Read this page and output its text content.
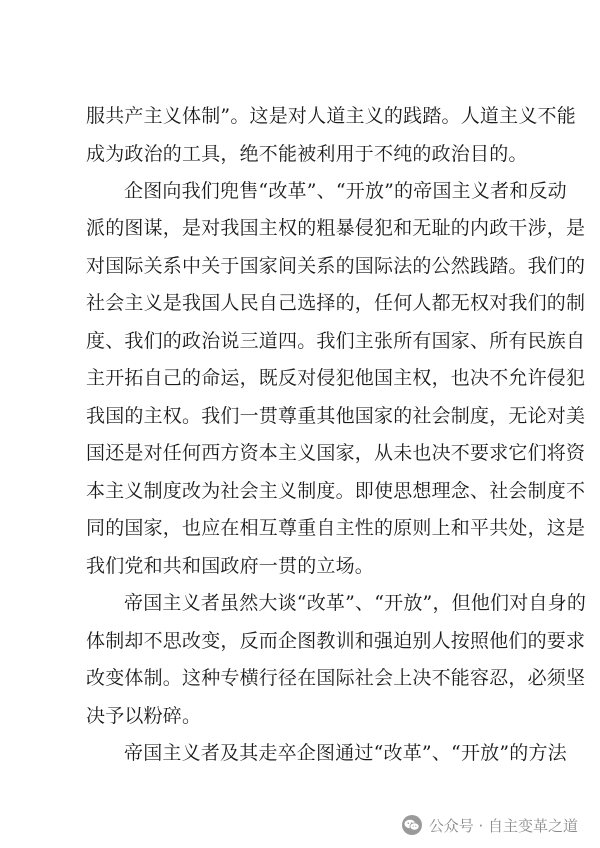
服共产主义体制”。这是对人道主义的践踏。人道主义不能
成为政治的工具，绝不能被利用于不纯的政治目的。
企图向我们兜售“改革”、“开放”的帝国主义者和反动
派的图谋，是对我国主权的粗暴侵犯和无耻的内政干涉，是
对国际关系中关于国家间关系的国际法的公然践踏。我们的
社会主义是我国人民自己选择的，任何人都无权对我们的制
度、我们的政治说三道四。我们主张所有国家、所有民族自
主开拓自己的命运，既反对侵犯他国主权，也决不允许侵犯
我国的主权。我们一贯尊重其他国家的社会制度，无论对美
国还是对任何西方资本主义国家，从未也决不要求它们将资
本主义制度改为社会主义制度。即使思想理念、社会制度不
同的国家，也应在相互尊重自主性的原则上和平共处，这是
我们党和共和国政府一贯的立场。
帝国主义者虽然大谈“改革”、“开放”，但他们对自身的
体制却不思改变，反而企图教训和强迫别人按照他们的要求
改变体制。这种专横行径在国际社会上决不能容忍，必须坚
决予以粉碎。
帝国主义者及其走卒企图通过“改革”、“开放”的方法
公众号 · 自主变革之道
